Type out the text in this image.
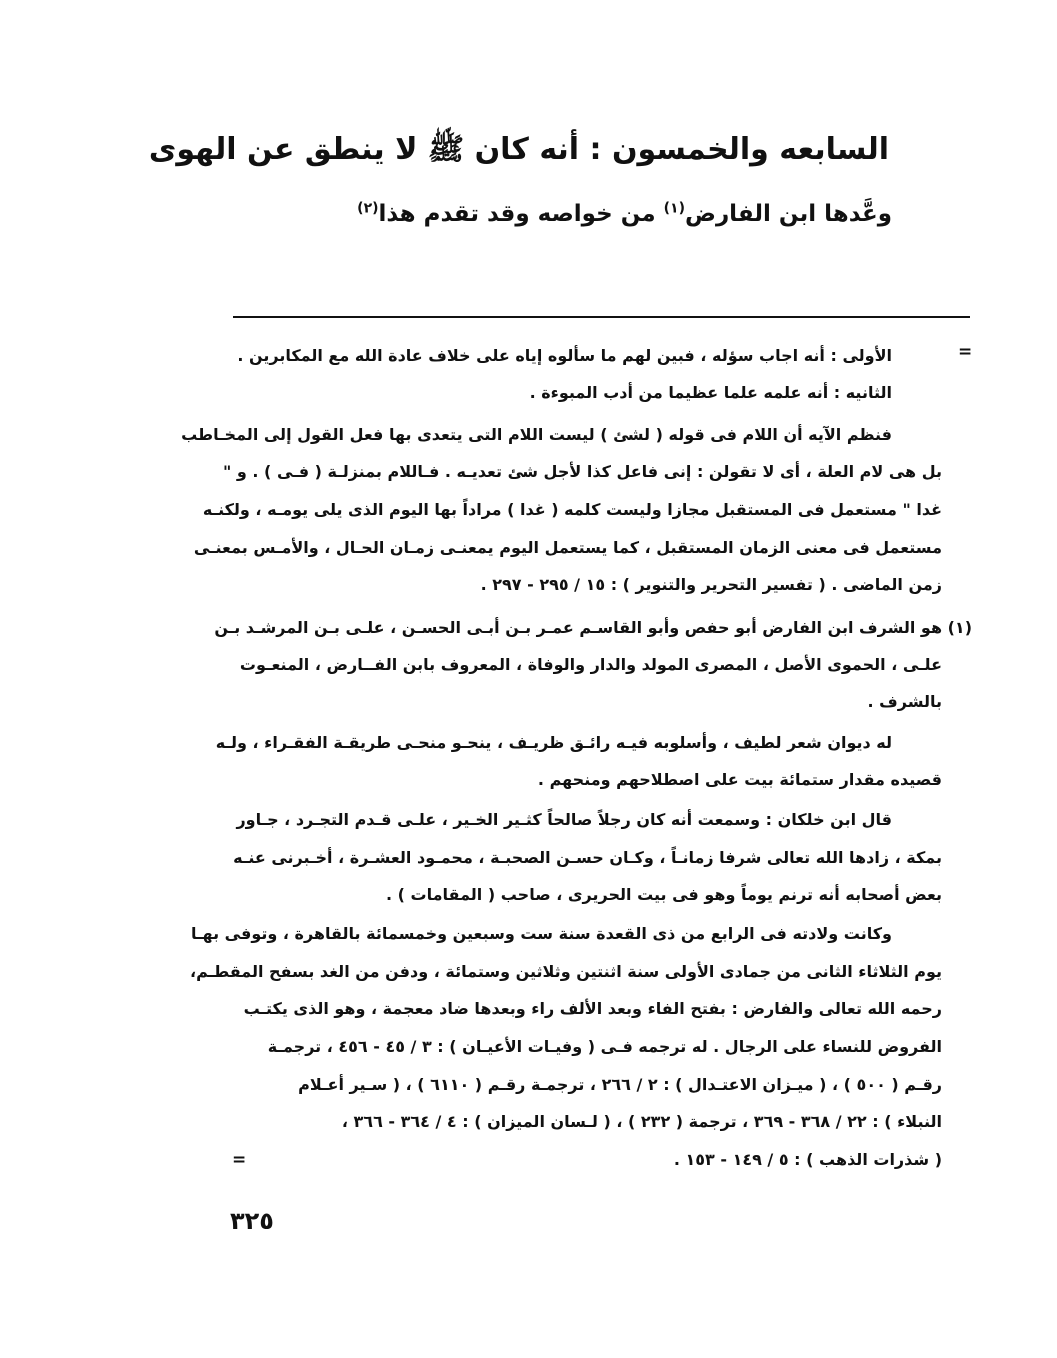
السابعه والخمسون : أنه كان ﷺ لا ينطق عن الهوى
وعَّدها ابن الفارض$^{(١)}$ من خواصه وقد تقدم هذا$^{(٢)}$
=
الأولى : أنه اجاب سؤله ، فبين لهم ما سألوه إياه على خلاف عادة الله مع المكابرين .
الثانيه : أنه علمه علما عظيما من أدب المبوءة .
فنظم الآيه أن اللام فى قوله ( لشئ ) ليست اللام التى يتعدى بها فعل القول إلى المخـاطب
بل هى لام العلة ، أى لا تقولن : إنى فاعل كذا لأجل شئ تعديـه . فـاللام بمنزلـة ( فـى ) . و "
غدا " مستعمل فى المستقبل مجازا وليست كلمه ( غدا ) مراداً بها اليوم الذى يلى يومـه ، ولكنـه
مستعمل فى معنى الزمان المستقبل ، كما يستعمل اليوم يمعنـى زمـان الحـال ، والأمـس بمعنـى
زمن الماضى . ( تفسير التحرير والتنوير ) : ١٥ / ٢٩٥ - ٢٩٧ .
(١) هو الشرف ابن الفارض أبو حفص وأبو القاسـم عمـر بـن أبـى الحسـن ، علـى بـن المرشـد بـن
علـى ، الحموى الأصل ، المصرى المولد والدار والوفاة ، المعروف بابن الفــارض ، المنعـوت
بالشرف .
له ديوان شعر لطيف ، وأسلوبه فيـه رائـق ظريـف ، ينحـو منحـى طريقـة الفقـراء ، ولـه
قصيده مقدار ستمائة بيت على اصطلاحهم ومنحهم .
قال ابن خلكان : وسمعت أنه كان رجلاً صالحاً كثـير الخـير ، علـى قـدم التجـرد ، جـاور
بمكة ، زادها الله تعالى شرفا زمانـاً ، وكـان حسـن الصحبـة ، محمـود العشـرة ، أخـبرنى عنـه
بعض أصحابه أنه ترنم يوماً وهو فى بيت الحريرى ، صاحب ( المقامات ) .
وكانت ولادته فى الرابع من ذى القعدة سنة ست وسبعين وخمسمائة بالقاهرة ، وتوفى بهـا
يوم الثلاثاء الثانى من جمادى الأولى سنة اثنتين وثلاثين وستمائة ، ودفن من الغد بسفح المقطـم،
رحمه الله تعالى والفارض : بفتح الفاء وبعد الألف راء وبعدها ضاد معجمة ، وهو الذى يكتـب
الفروض للنساء على الرجال . له ترجمه فـى ( وفيـات الأعيـان ) : ٣ / ٤٥ - ٤٥٦ ، ترجمـة
رقـم ( ٥٠٠ ) ، ( ميـزان الاعتـدال ) : ٢ / ٢٦٦ ، ترجمـة رقـم ( ٦١١٠ ) ، ( سـير أعـلام
النبلاء ) : ٢٢ / ٣٦٨ - ٣٦٩ ، ترجمة ( ٢٣٢ ) ، ( لـسان الميزان ) : ٤ / ٣٦٤ - ٣٦٦ ،
( شذرات الذهب ) : ٥ / ١٤٩ - ١٥٣ .
=
٣٢٥
